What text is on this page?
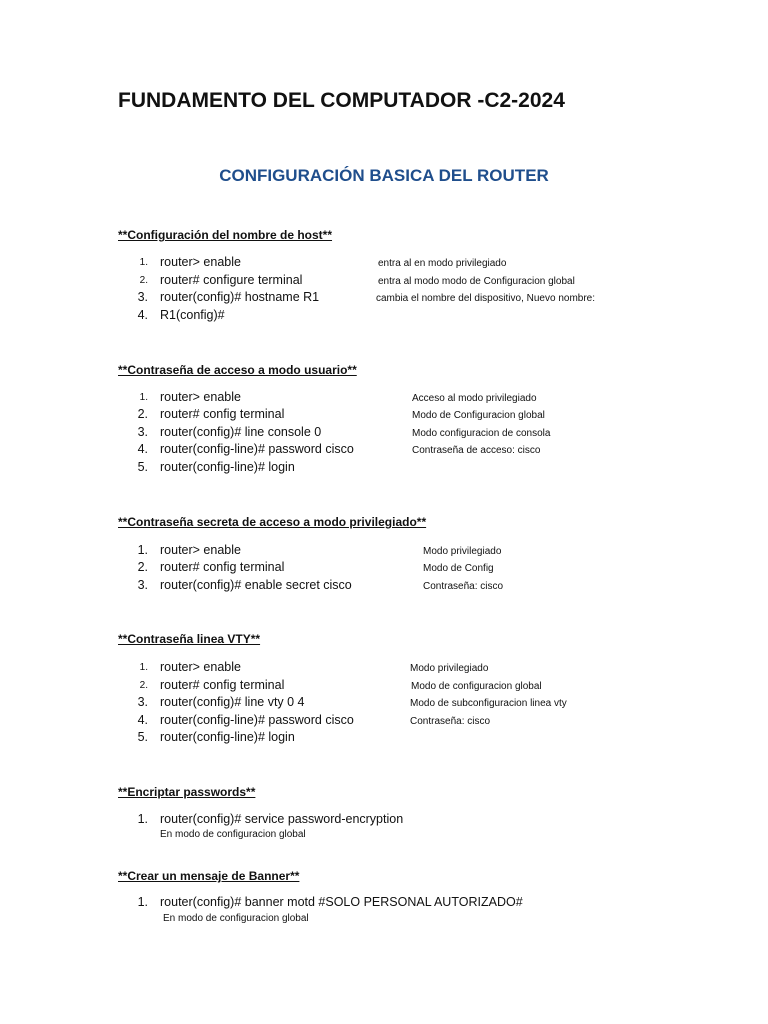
FUNDAMENTO DEL COMPUTADOR -C2-2024
CONFIGURACIÓN BASICA DEL ROUTER
**Configuración del nombre de host**
1. router> enable	entra al en modo privilegiado
2. router# configure terminal	entra al modo modo de Configuracion global
3. router(config)# hostname R1	cambia el nombre del dispositivo, Nuevo nombre:
4. R1(config)#
**Contraseña de acceso a modo usuario**
1. router> enable	Acceso al modo privilegiado
2. router# config terminal	Modo de Configuracion global
3. router(config)# line console 0	Modo configuracion de consola
4. router(config-line)# password cisco	Contraseña de acceso: cisco
5. router(config-line)# login
**Contraseña secreta de acceso a modo privilegiado**
1. router> enable	Modo privilegiado
2. router# config terminal	Modo de Config
3. router(config)# enable secret cisco	Contraseña: cisco
**Contraseña linea VTY**
1. router> enable	Modo privilegiado
2. router# config terminal	Modo de configuracion global
3. router(config)# line vty 0 4	Modo de subconfiguracion linea vty
4. router(config-line)# password cisco	Contraseña: cisco
5. router(config-line)# login
**Encriptar passwords**
1. router(config)# service password-encryption
En modo de configuracion global
**Crear un mensaje de Banner**
1. router(config)# banner motd #SOLO PERSONAL AUTORIZADO#
En modo de configuracion global
